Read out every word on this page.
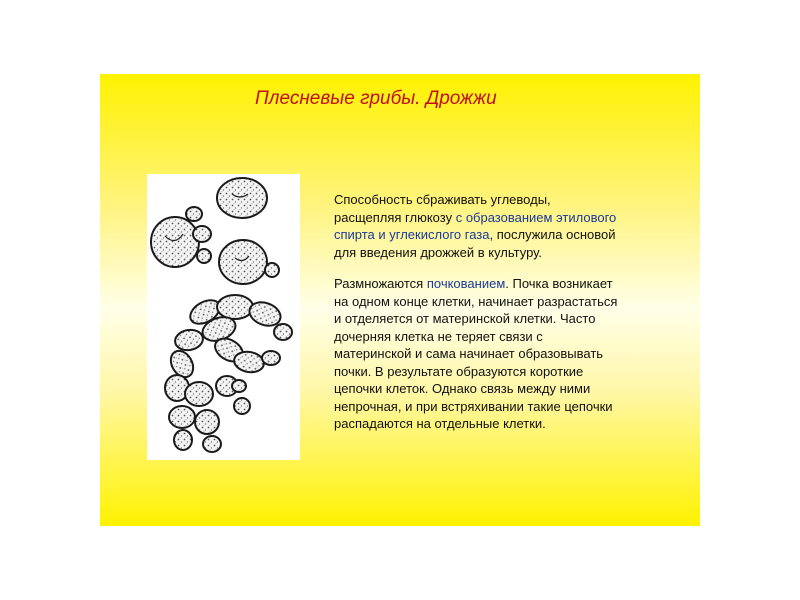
Плесневые грибы. Дрожжи

Способность сбраживать углеводы,
расщепляя глюкозу с образованием этилового
спирта и углекислого газа, послужила основой
для введения дрожжей в культуру.

Размножаются почкованием. Почка возникает
на одном конце клетки, начинает разрастаться
и отделяется от материнской клетки. Часто
дочерняя клетка не теряет связи с
материнской и сама начинает образовывать
почки. В результате образуются короткие
цепочки клеток. Однако связь между ними
непрочная, и при встряхивании такие цепочки
распадаются на отдельные клетки.
